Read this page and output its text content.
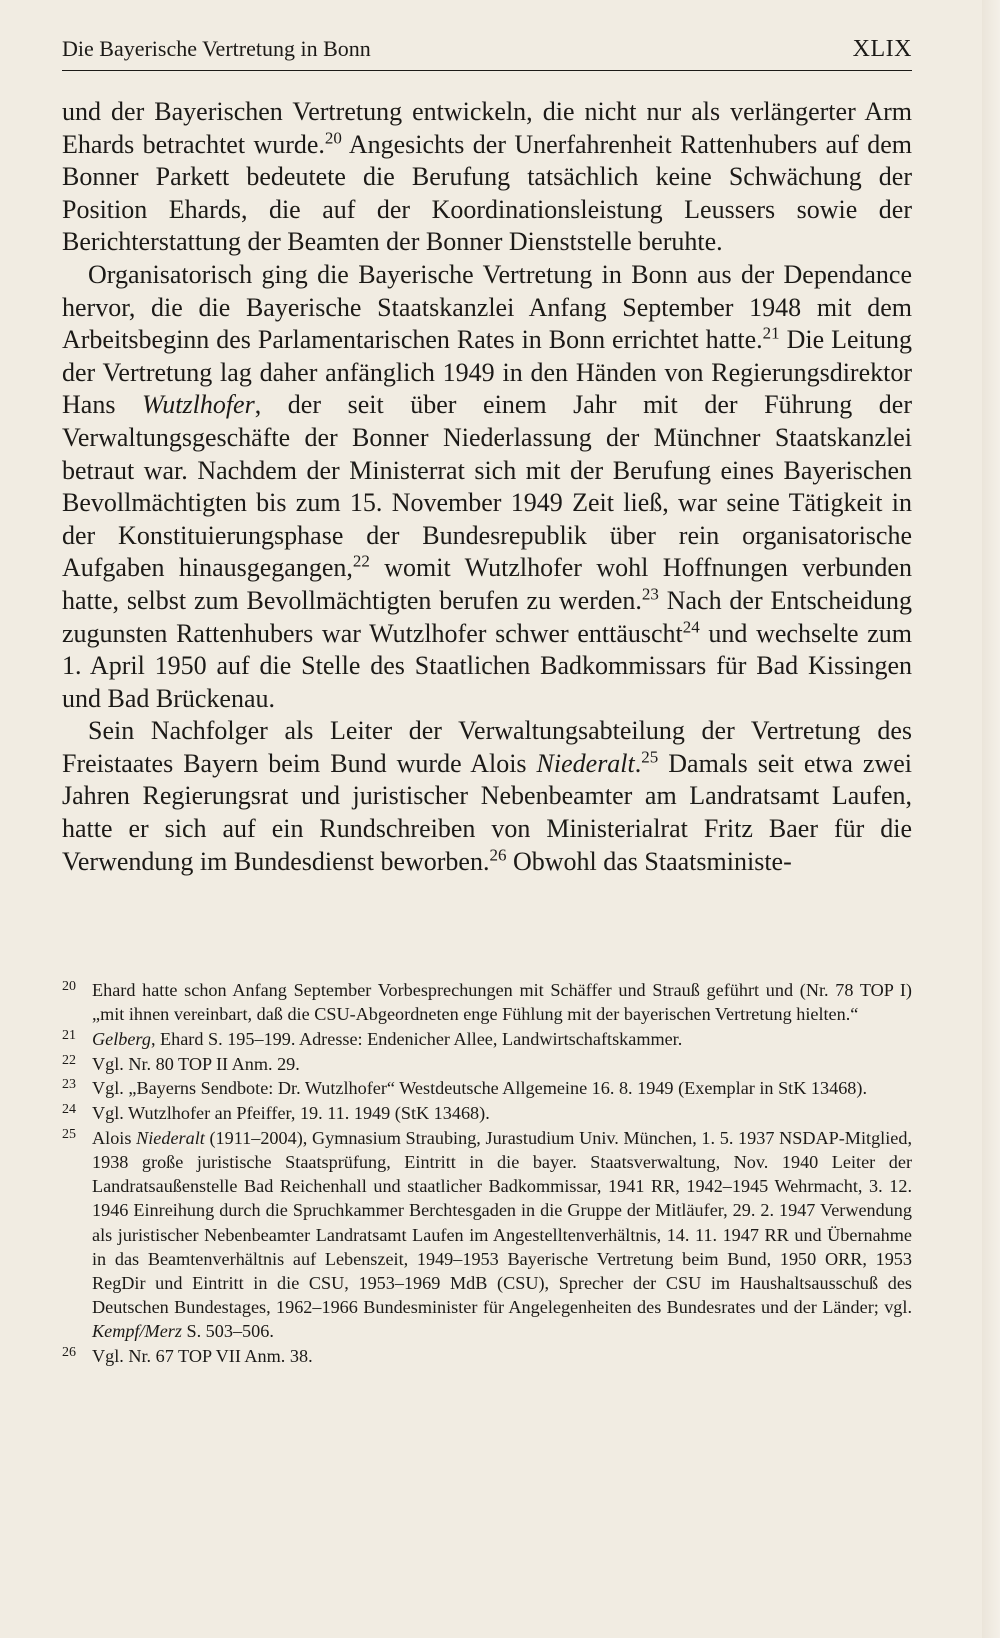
Die Bayerische Vertretung in Bonn	XLIX

und der Bayerischen Vertretung entwickeln, die nicht nur als verlängerter Arm Ehards betrachtet wurde.$^{20}$ Angesichts der Unerfahrenheit Rattenhubers auf dem Bonner Parkett bedeutete die Berufung tatsächlich keine Schwächung der Position Ehards, die auf der Koordinationsleistung Leussers sowie der Berichterstattung der Beamten der Bonner Dienststelle beruhte.

Organisatorisch ging die Bayerische Vertretung in Bonn aus der Dependance hervor, die die Bayerische Staatskanzlei Anfang September 1948 mit dem Arbeitsbeginn des Parlamentarischen Rates in Bonn errichtet hatte.$^{21}$ Die Leitung der Vertretung lag daher anfänglich 1949 in den Händen von Regierungsdirektor Hans Wutzlhofer, der seit über einem Jahr mit der Führung der Verwaltungsgeschäfte der Bonner Niederlassung der Münchner Staatskanzlei betraut war. Nachdem der Ministerrat sich mit der Berufung eines Bayerischen Bevollmächtigten bis zum 15. November 1949 Zeit ließ, war seine Tätigkeit in der Konstituierungsphase der Bundesrepublik über rein organisatorische Aufgaben hinausgegangen,$^{22}$ womit Wutzlhofer wohl Hoffnungen verbunden hatte, selbst zum Bevollmächtigten berufen zu werden.$^{23}$ Nach der Entscheidung zugunsten Rattenhubers war Wutzlhofer schwer enttäuscht$^{24}$ und wechselte zum 1. April 1950 auf die Stelle des Staatlichen Badkommissars für Bad Kissingen und Bad Brückenau.

Sein Nachfolger als Leiter der Verwaltungsabteilung der Vertretung des Freistaates Bayern beim Bund wurde Alois Niederalt.$^{25}$ Damals seit etwa zwei Jahren Regierungsrat und juristischer Nebenbeamter am Landratsamt Laufen, hatte er sich auf ein Rundschreiben von Ministerialrat Fritz Baer für die Verwendung im Bundesdienst beworben.$^{26}$ Obwohl das Staatsministe-

20 Ehard hatte schon Anfang September Vorbesprechungen mit Schäffer und Strauß geführt und (Nr. 78 TOP I) „mit ihnen vereinbart, daß die CSU-Abgeordneten enge Fühlung mit der bayerischen Vertretung hielten.“
21 Gelberg, Ehard S. 195–199. Adresse: Endenicher Allee, Landwirtschaftskammer.
22 Vgl. Nr. 80 TOP II Anm. 29.
23 Vgl. „Bayerns Sendbote: Dr. Wutzlhofer“ Westdeutsche Allgemeine 16. 8. 1949 (Exemplar in StK 13468).
24 Vgl. Wutzlhofer an Pfeiffer, 19. 11. 1949 (StK 13468).
25 Alois Niederalt (1911–2004), Gymnasium Straubing, Jurastudium Univ. München, 1. 5. 1937 NSDAP-Mitglied, 1938 große juristische Staatsprüfung, Eintritt in die bayer. Staatsverwaltung, Nov. 1940 Leiter der Landratsaußenstelle Bad Reichenhall und staatlicher Badkommissar, 1941 RR, 1942–1945 Wehrmacht, 3. 12. 1946 Einreihung durch die Spruchkammer Berchtesgaden in die Gruppe der Mitläufer, 29. 2. 1947 Verwendung als juristischer Nebenbeamter Landratsamt Laufen im Angestelltenverhältnis, 14. 11. 1947 RR und Übernahme in das Beamtenverhältnis auf Lebenszeit, 1949–1953 Bayerische Vertretung beim Bund, 1950 ORR, 1953 RegDir und Eintritt in die CSU, 1953–1969 MdB (CSU), Sprecher der CSU im Haushaltsausschuß des Deutschen Bundestages, 1962–1966 Bundesminister für Angelegenheiten des Bundesrates und der Länder; vgl. Kempf/Merz S. 503–506.
26 Vgl. Nr. 67 TOP VII Anm. 38.
